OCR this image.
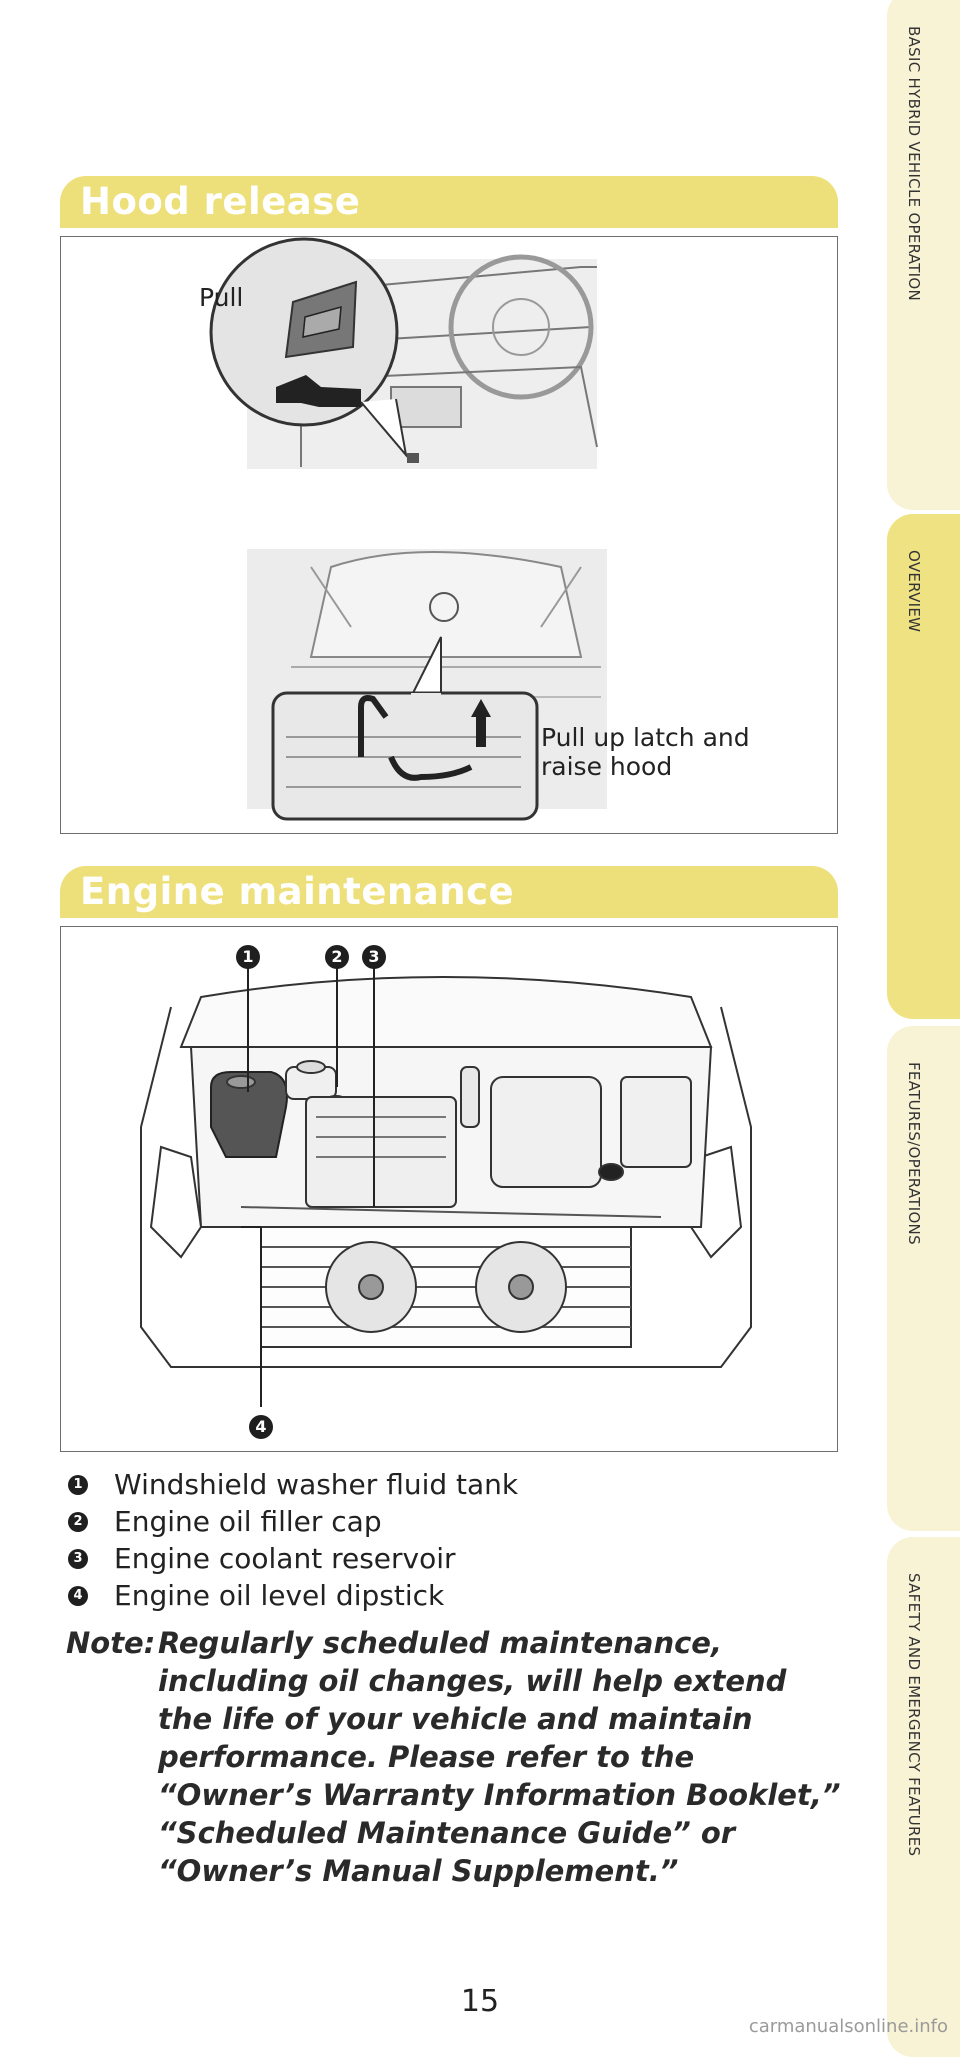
BASIC HYBRID VEHICLE OPERATION
OVERVIEW
FEATURES/OPERATIONS
SAFETY AND EMERGENCY FEATURES
Hood release
Pull
Pull up latch and
raise hood
Engine maintenance
1	2	3
4
1 Windshield washer fluid tank
2 Engine oil filler cap
3 Engine coolant reservoir
4 Engine oil level dipstick
Note: Regularly scheduled maintenance, including oil changes, will help extend the life of your vehicle and maintain performance. Please refer to the “Owner’s Warranty Information Booklet,” “Scheduled Maintenance Guide” or “Owner’s Manual Supplement.”
15
carmanualsonline.info
